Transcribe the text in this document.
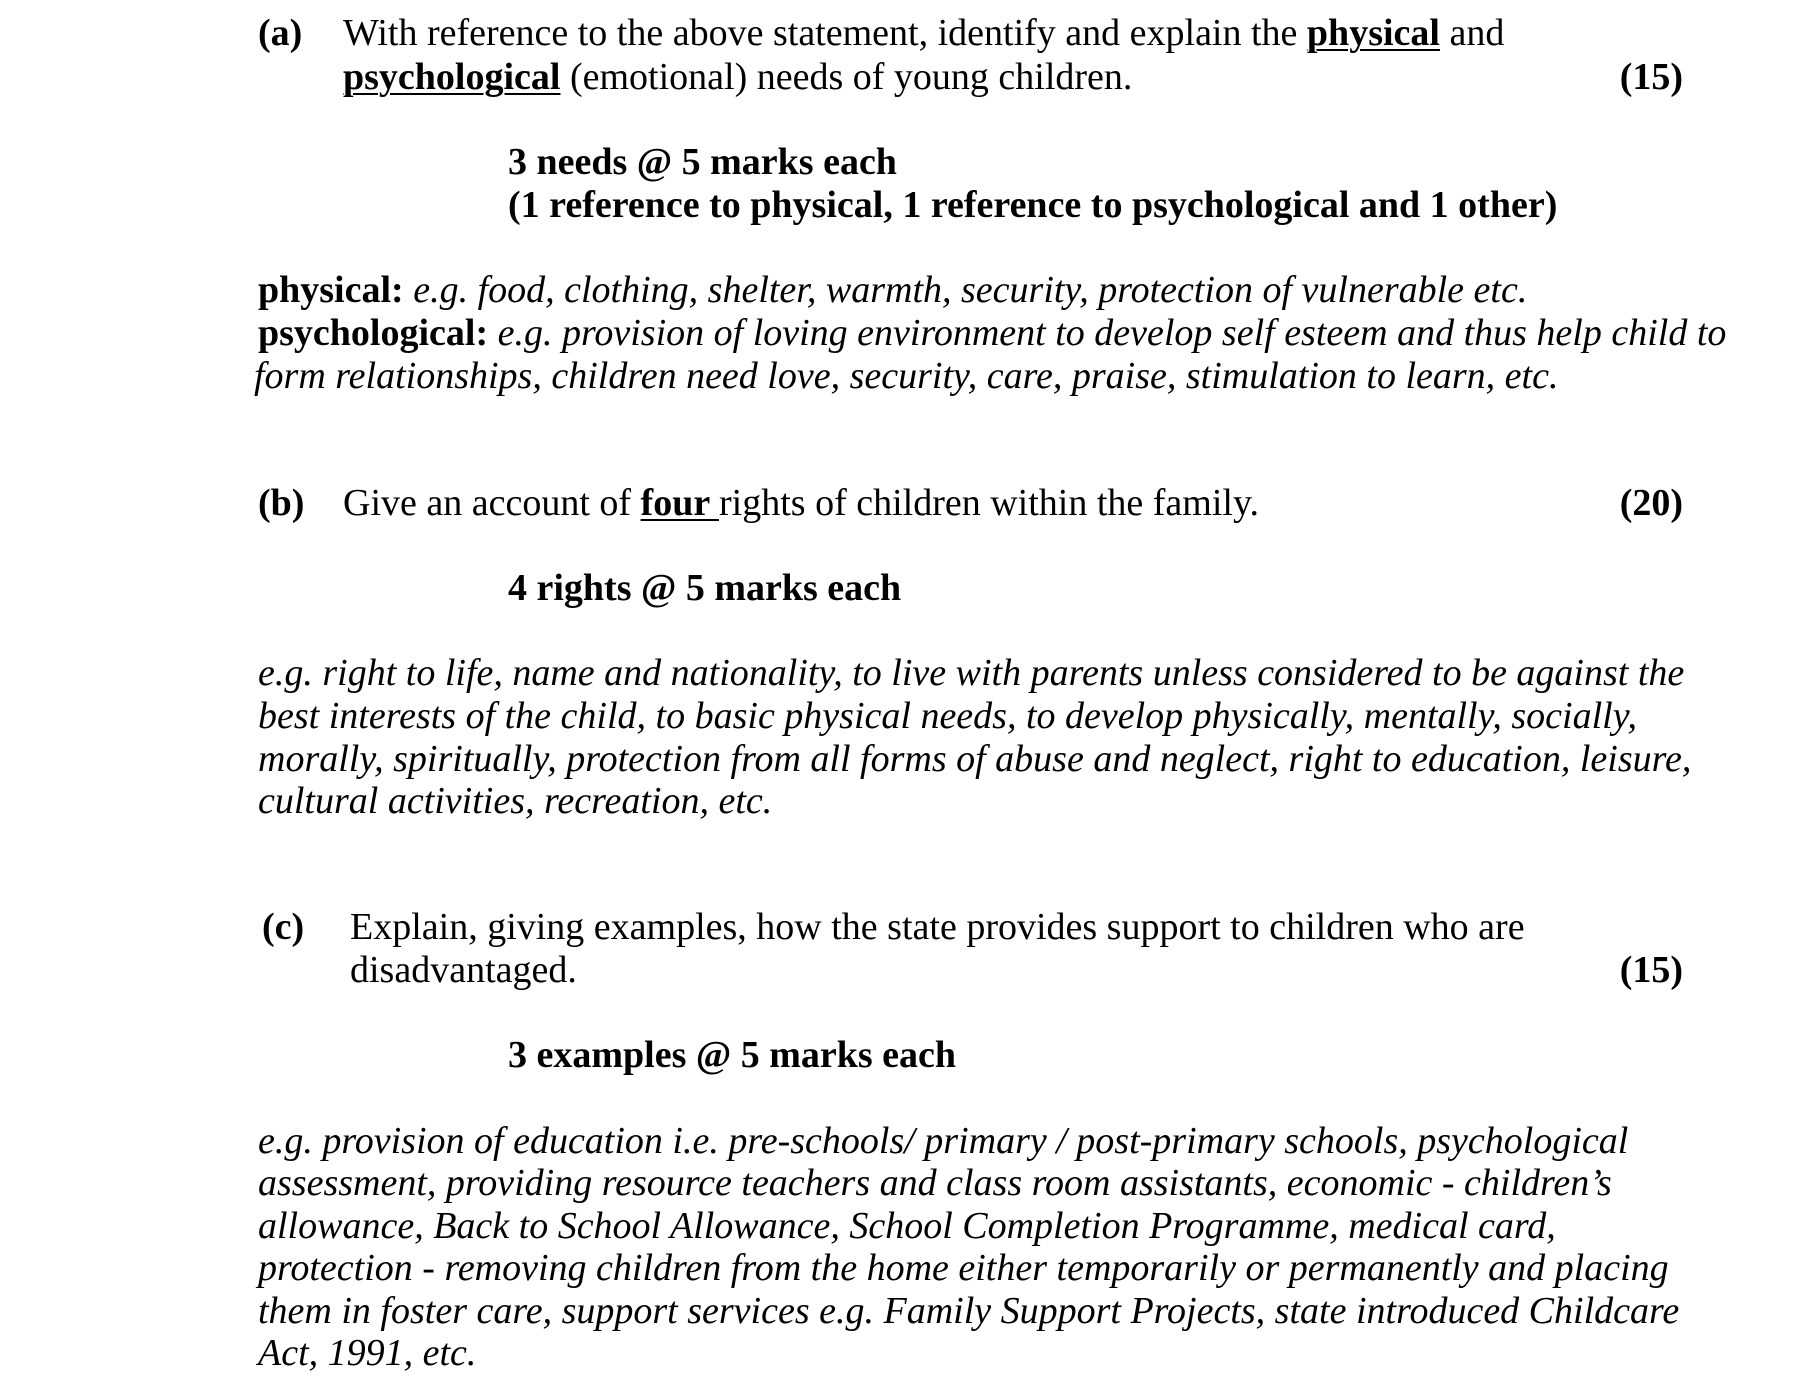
(a) With reference to the above statement, identify and explain the physical and
psychological (emotional) needs of young children.	(15)
3 needs @ 5 marks each
(1 reference to physical, 1 reference to psychological and 1 other)
physical: e.g. food, clothing, shelter, warmth, security, protection of vulnerable etc.
psychological: e.g. provision of loving environment to develop self esteem and thus help child to
form relationships, children need love, security, care, praise, stimulation to learn, etc.
(b) Give an account of four rights of children within the family.	(20)
4 rights @ 5 marks each
e.g. right to life, name and nationality, to live with parents unless considered to be against the
best interests of the child, to basic physical needs, to develop physically, mentally, socially,
morally, spiritually, protection from all forms of abuse and neglect, right to education, leisure,
cultural activities, recreation, etc.
(c) Explain, giving examples, how the state provides support to children who are
disadvantaged.	(15)
3 examples @ 5 marks each
e.g. provision of education i.e. pre-schools/ primary / post-primary schools, psychological
assessment, providing resource teachers and class room assistants, economic - children’s
allowance, Back to School Allowance, School Completion Programme, medical card,
protection - removing children from the home either temporarily or permanently and placing
them in foster care, support services e.g. Family Support Projects, state introduced Childcare
Act, 1991, etc.
